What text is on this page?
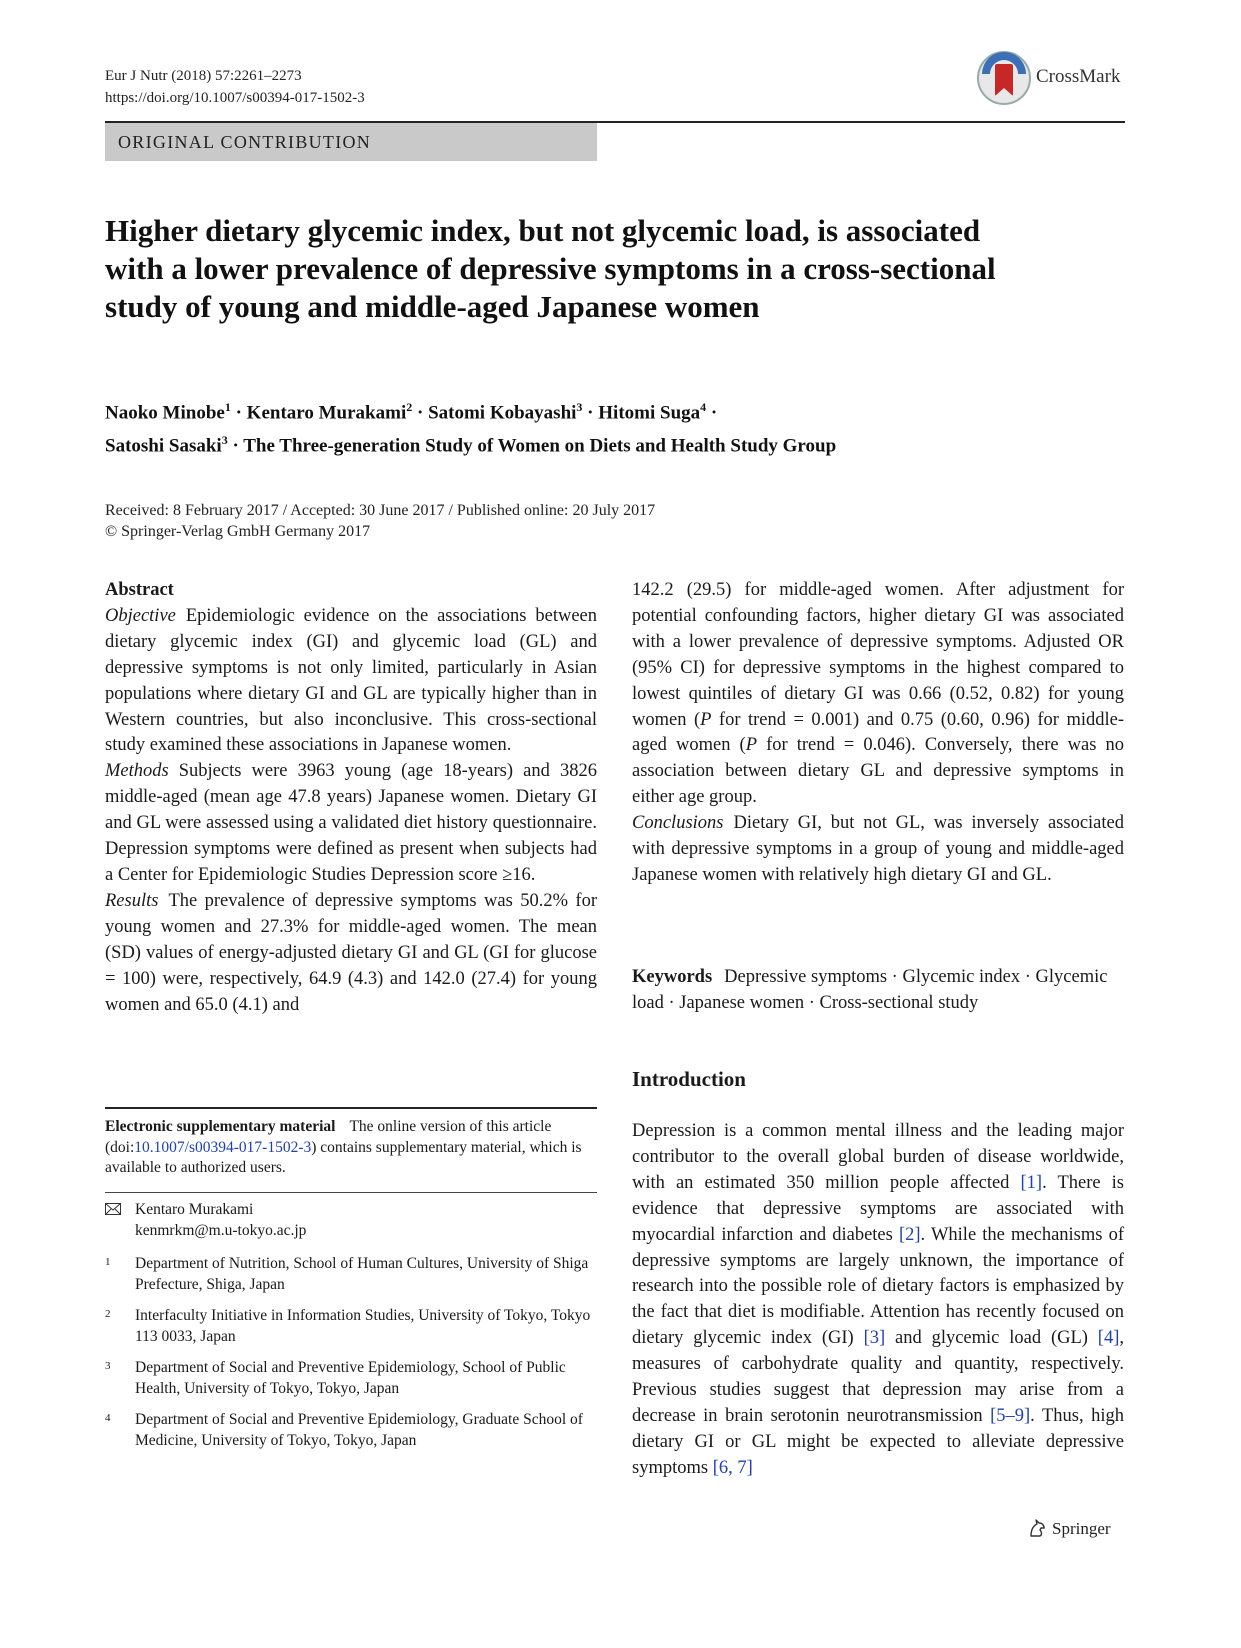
Eur J Nutr (2018) 57:2261–2273
https://doi.org/10.1007/s00394-017-1502-3
CrossMark
ORIGINAL CONTRIBUTION
Higher dietary glycemic index, but not glycemic load, is associated with a lower prevalence of depressive symptoms in a cross-sectional study of young and middle-aged Japanese women
Naoko Minobe$^1$ · Kentaro Murakami$^2$ · Satomi Kobayashi$^3$ · Hitomi Suga$^4$ ·
Satoshi Sasaki$^3$ · The Three-generation Study of Women on Diets and Health Study Group
Received: 8 February 2017 / Accepted: 30 June 2017 / Published online: 20 July 2017
© Springer-Verlag GmbH Germany 2017
Abstract
Objective Epidemiologic evidence on the associations between dietary glycemic index (GI) and glycemic load (GL) and depressive symptoms is not only limited, particularly in Asian populations where dietary GI and GL are typically higher than in Western countries, but also inconclusive. This cross-sectional study examined these associations in Japanese women.
Methods Subjects were 3963 young (age 18-years) and 3826 middle-aged (mean age 47.8 years) Japanese women. Dietary GI and GL were assessed using a validated diet history questionnaire. Depression symptoms were defined as present when subjects had a Center for Epidemiologic Studies Depression score ≥16.
Results The prevalence of depressive symptoms was 50.2% for young women and 27.3% for middle-aged women. The mean (SD) values of energy-adjusted dietary GI and GL (GI for glucose = 100) were, respectively, 64.9 (4.3) and 142.0 (27.4) for young women and 65.0 (4.1) and
142.2 (29.5) for middle-aged women. After adjustment for potential confounding factors, higher dietary GI was associated with a lower prevalence of depressive symptoms. Adjusted OR (95% CI) for depressive symptoms in the highest compared to lowest quintiles of dietary GI was 0.66 (0.52, 0.82) for young women (P for trend = 0.001) and 0.75 (0.60, 0.96) for middle-aged women (P for trend = 0.046). Conversely, there was no association between dietary GL and depressive symptoms in either age group.
Conclusions Dietary GI, but not GL, was inversely associated with depressive symptoms in a group of young and middle-aged Japanese women with relatively high dietary GI and GL.
Keywords Depressive symptoms · Glycemic index · Glycemic load · Japanese women · Cross-sectional study
Introduction
Depression is a common mental illness and the leading major contributor to the overall global burden of disease worldwide, with an estimated 350 million people affected [1]. There is evidence that depressive symptoms are associated with myocardial infarction and diabetes [2]. While the mechanisms of depressive symptoms are largely unknown, the importance of research into the possible role of dietary factors is emphasized by the fact that diet is modifiable. Attention has recently focused on dietary glycemic index (GI) [3] and glycemic load (GL) [4], measures of carbohydrate quality and quantity, respectively. Previous studies suggest that depression may arise from a decrease in brain serotonin neurotransmission [5–9]. Thus, high dietary GI or GL might be expected to alleviate depressive symptoms [6, 7]
Electronic supplementary material The online version of this article (doi:10.1007/s00394-017-1502-3) contains supplementary material, which is available to authorized users.
Kentaro Murakami
kenmrkm@m.u-tokyo.ac.jp
1 Department of Nutrition, School of Human Cultures, University of Shiga Prefecture, Shiga, Japan
2 Interfaculty Initiative in Information Studies, University of Tokyo, Tokyo 113 0033, Japan
3 Department of Social and Preventive Epidemiology, School of Public Health, University of Tokyo, Tokyo, Japan
4 Department of Social and Preventive Epidemiology, Graduate School of Medicine, University of Tokyo, Tokyo, Japan
Springer
